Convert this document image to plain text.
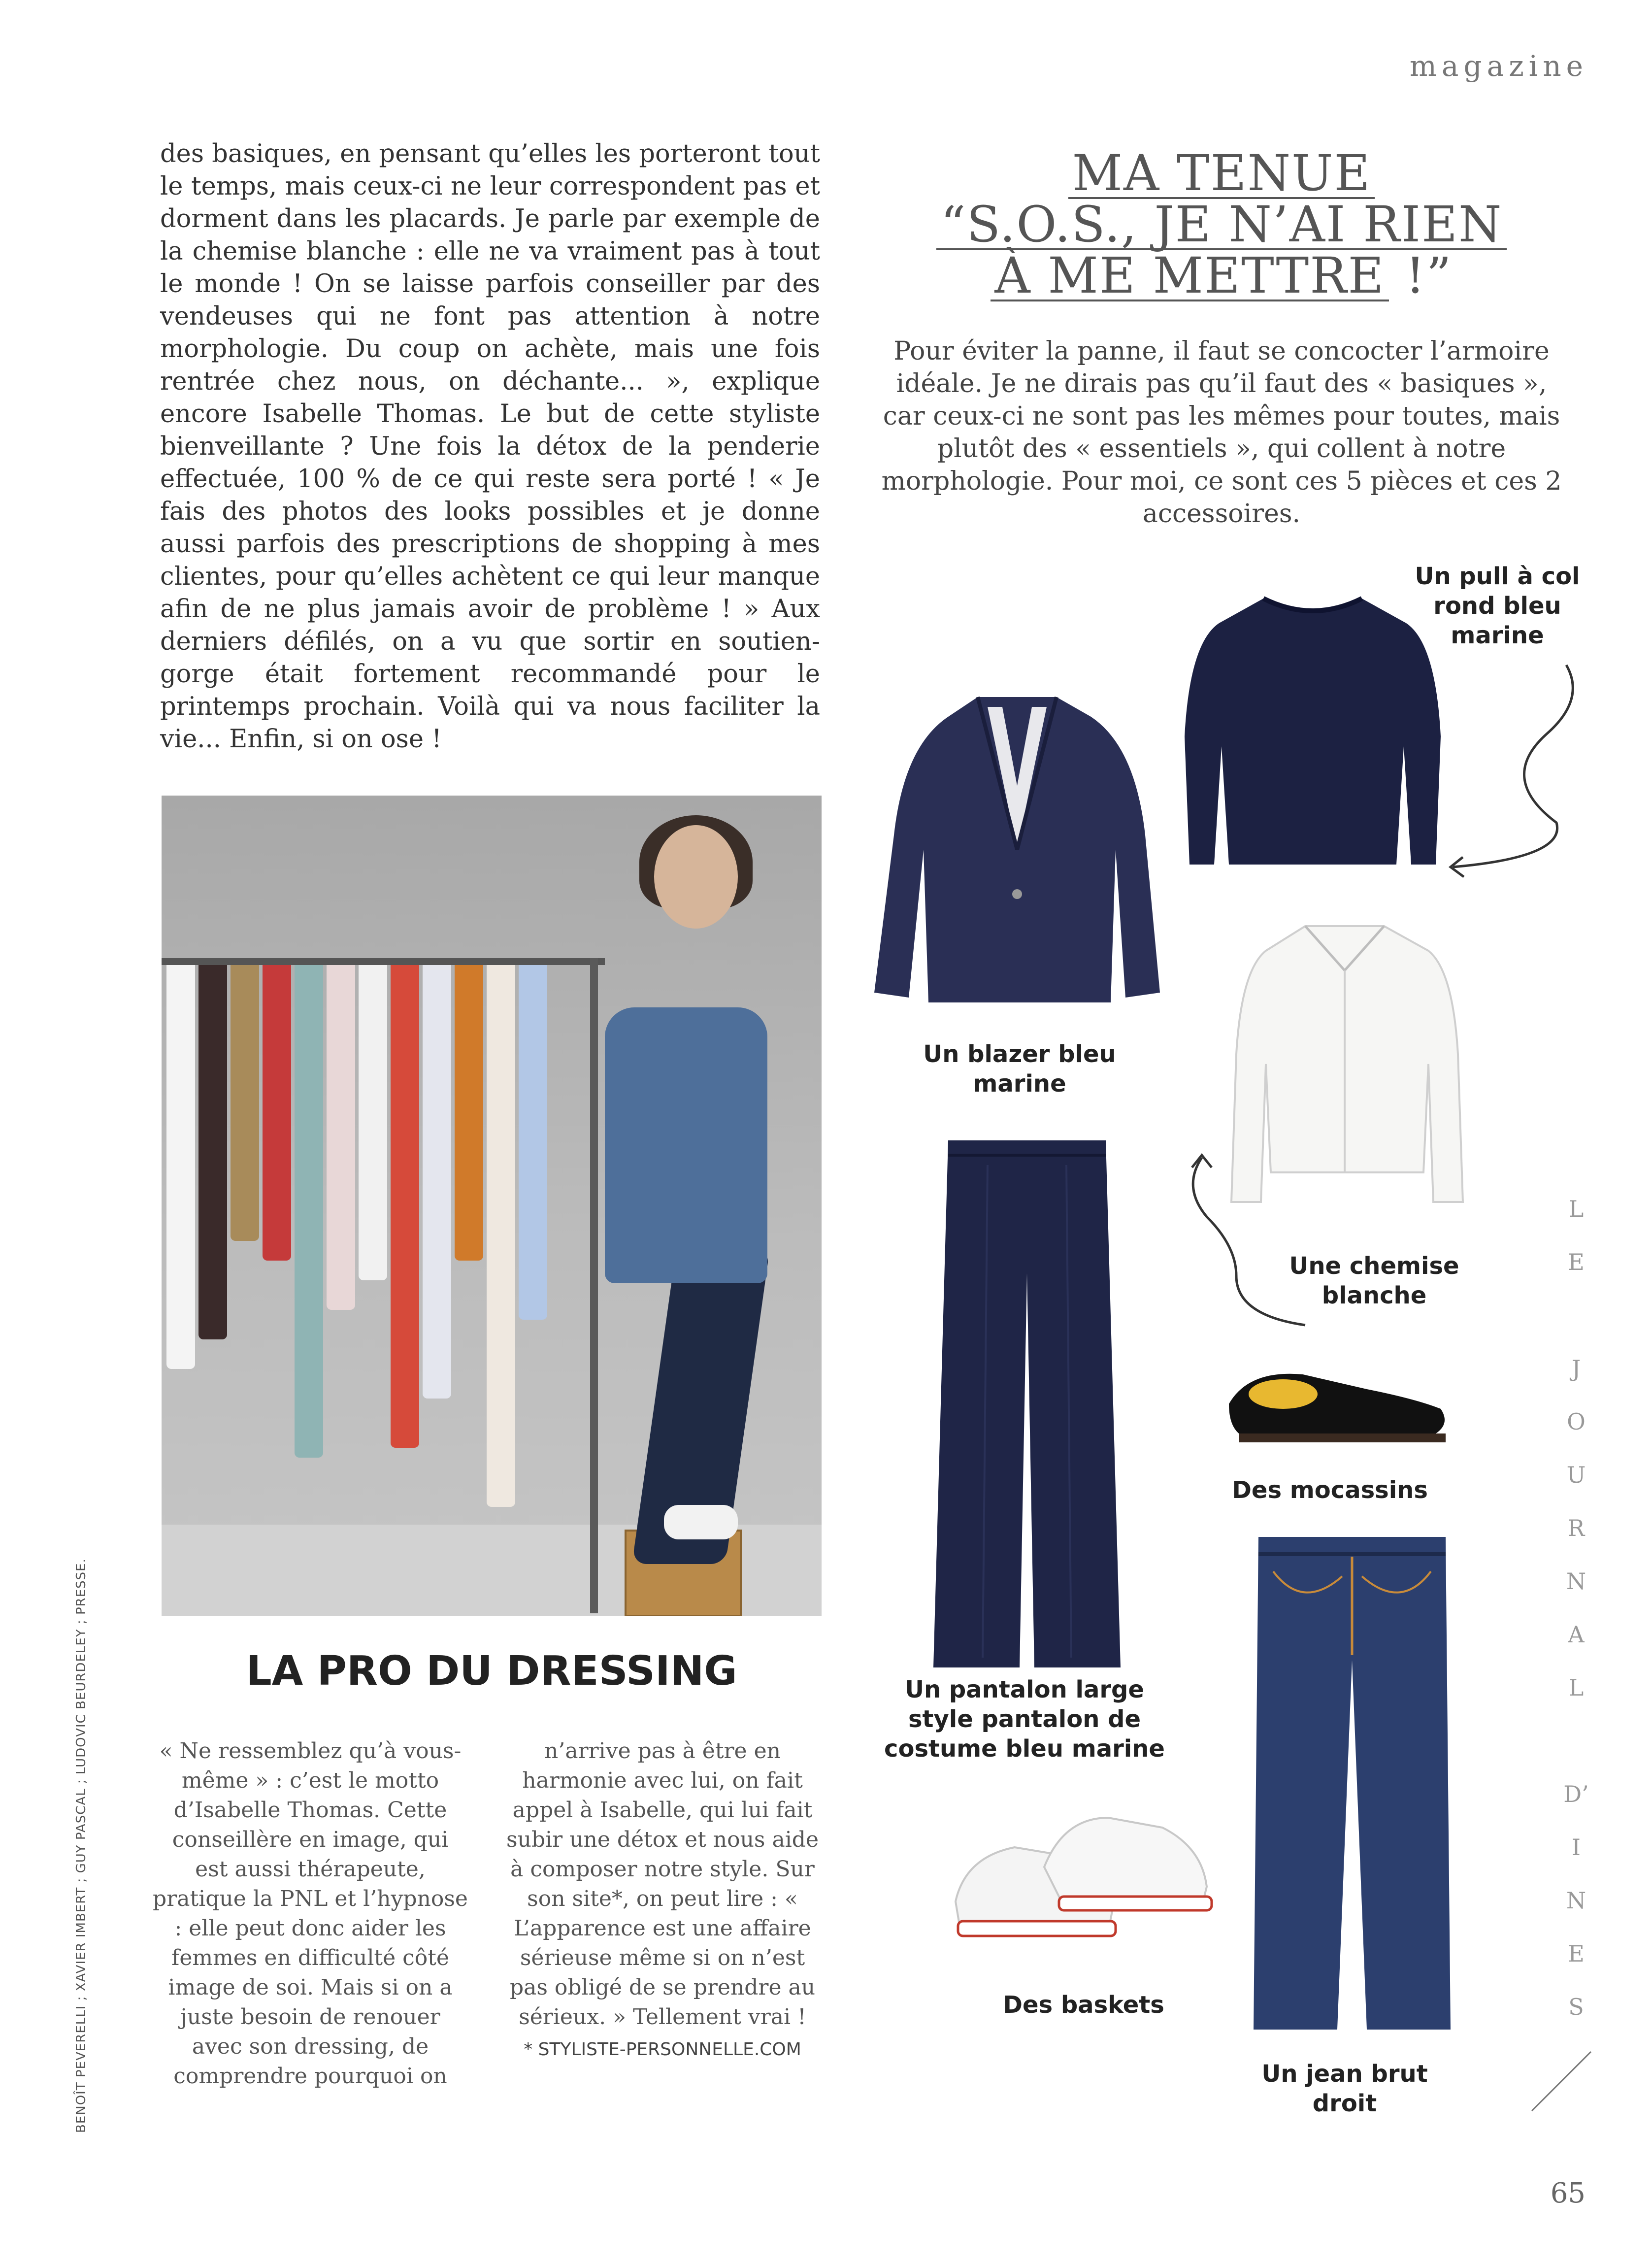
magazine
des basiques, en pensant qu’elles les porteront tout le temps, mais ceux-ci ne leur correspondent pas et dorment dans les placards. Je parle par exemple de la chemise blanche : elle ne va vraiment pas à tout le monde ! On se laisse parfois conseiller par des vendeuses qui ne font pas attention à notre morphologie. Du coup on achète, mais une fois rentrée chez nous, on déchante... », explique encore Isabelle Thomas. Le but de cette styliste bienveillante ? Une fois la détox de la penderie effectuée, 100 % de ce qui reste sera porté ! « Je fais des photos des looks possibles et je donne aussi parfois des prescriptions de shopping à mes clientes, pour qu’elles achètent ce qui leur manque afin de ne plus jamais avoir de problème ! » Aux derniers défilés, on a vu que sortir en soutien-gorge était fortement recommandé pour le printemps prochain. Voilà qui va nous faciliter la vie... Enfin, si on ose !
BENOÎT PEVERELLI ; XAVIER IMBERT ; GUY PASCAL ; LUDOVIC BEURDELEY ; PRESSE.	LA PRO DU DRESSING

« Ne ressemblez qu’à vous-même » : c’est le motto d’Isabelle Thomas. Cette conseillère en image, qui est aussi thérapeute, pratique la PNL et l’hypnose : elle peut donc aider les femmes en difficulté côté image de soi. Mais si on a juste besoin de renouer avec son dressing, de comprendre pourquoi on

n’arrive pas à être en harmonie avec lui, on fait appel à Isabelle, qui lui fait subir une détox et nous aide à composer notre style. Sur son site*, on peut lire : « L’apparence est une affaire sérieuse même si on n’est pas obligé de se prendre au sérieux. » Tellement vrai !

* STYLISTE-PERSONNELLE.COM

MA TENUE
“S.O.S., JE N’AI RIEN
À ME METTRE !”

Pour éviter la panne, il faut se concocter l’armoire idéale. Je ne dirais pas qu’il faut des « basiques », car ceux-ci ne sont pas les mêmes pour toutes, mais plutôt des « essentiels », qui collent à notre morphologie. Pour moi, ce sont ces 5 pièces et ces 2 accessoires.

Un pull à col rond bleu marine
Un blazer bleu marine
Une chemise blanche
Des mocassins
Un pantalon large style pantalon de costume bleu marine
Des baskets
Un jean brut droit
L
E

J
O
U
R
N
A
L

D’
I
N
E
S
65
